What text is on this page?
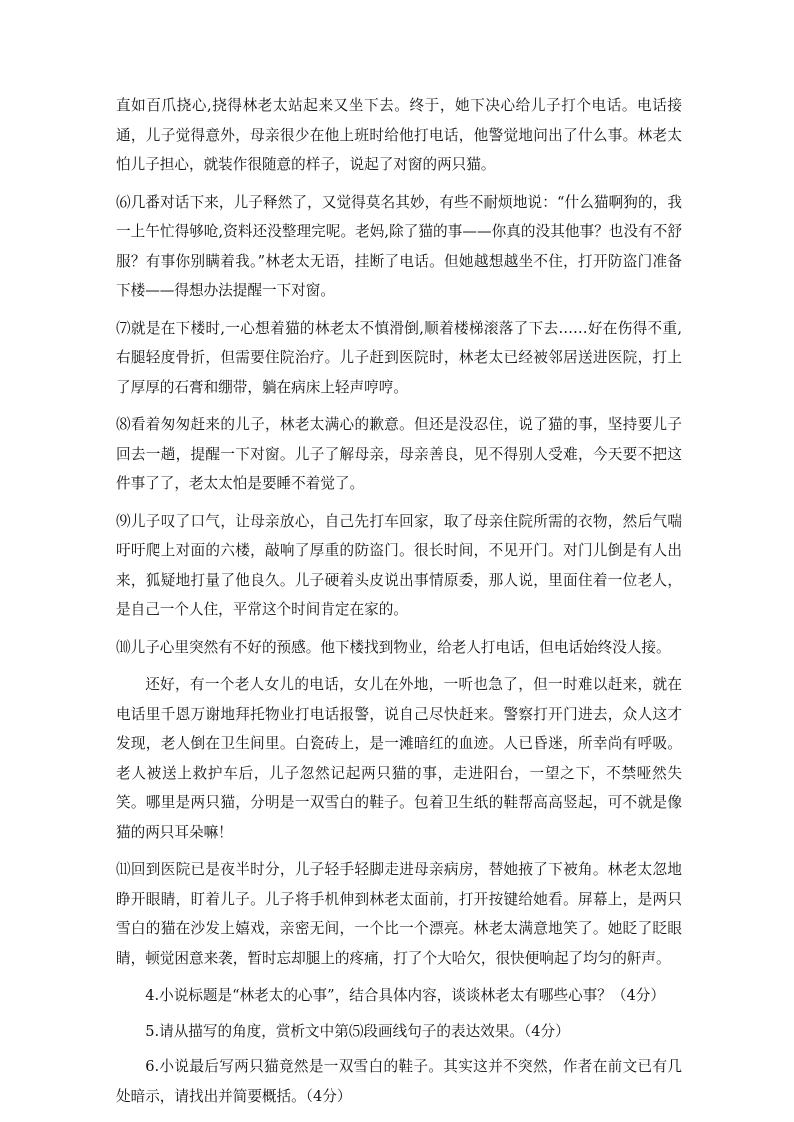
直如百爪挠心,挠得林老太站起来又坐下去。终于，她下决心给儿子打个电话。电话接通，儿子觉得意外，母亲很少在他上班时给他打电话，他警觉地问出了什么事。林老太怕儿子担心，就装作很随意的样子，说起了对窗的两只猫。

⑹几番对话下来，儿子释然了，又觉得莫名其妙，有些不耐烦地说：“什么猫啊狗的，我一上午忙得够呛,资料还没整理完呢。老妈,除了猫的事——你真的没其他事？也没有不舒服？有事你别瞒着我。”林老太无语，挂断了电话。但她越想越坐不住，打开防盗门准备下楼——得想办法提醒一下对窗。

⑺就是在下楼时,一心想着猫的林老太不慎滑倒,顺着楼梯滚落了下去……好在伤得不重,右腿轻度骨折，但需要住院治疗。儿子赶到医院时，林老太已经被邻居送进医院，打上了厚厚的石膏和绷带，躺在病床上轻声哼哼。

⑻看着匆匆赶来的儿子，林老太满心的歉意。但还是没忍住，说了猫的事，坚持要儿子回去一趟，提醒一下对窗。儿子了解母亲，母亲善良，见不得别人受难，今天要不把这件事了了，老太太怕是要睡不着觉了。

⑼儿子叹了口气，让母亲放心，自己先打车回家，取了母亲住院所需的衣物，然后气喘吁吁爬上对面的六楼，敲响了厚重的防盗门。很长时间，不见开门。对门儿倒是有人出来，狐疑地打量了他良久。儿子硬着头皮说出事情原委，那人说，里面住着一位老人，是自己一个人住，平常这个时间肯定在家的。

⑽儿子心里突然有不好的预感。他下楼找到物业，给老人打电话，但电话始终没人接。

还好，有一个老人女儿的电话，女儿在外地，一听也急了，但一时难以赶来，就在电话里千恩万谢地拜托物业打电话报警，说自己尽快赶来。警察打开门进去，众人这才发现，老人倒在卫生间里。白瓷砖上，是一滩暗红的血迹。人已昏迷，所幸尚有呼吸。老人被送上救护车后，儿子忽然记起两只猫的事，走进阳台，一望之下，不禁哑然失笑。哪里是两只猫，分明是一双雪白的鞋子。包着卫生纸的鞋帮高高竖起，可不就是像猫的两只耳朵嘛！

⑾回到医院已是夜半时分，儿子轻手轻脚走进母亲病房，替她掖了下被角。林老太忽地睁开眼睛，盯着儿子。儿子将手机伸到林老太面前，打开按键给她看。屏幕上，是两只雪白的猫在沙发上嬉戏，亲密无间，一个比一个漂亮。林老太满意地笑了。她眨了眨眼睛，顿觉困意来袭，暂时忘却腿上的疼痛，打了个大哈欠，很快便响起了均匀的鼾声。

4.小说标题是“林老太的心事”，结合具体内容，谈谈林老太有哪些心事？（4分）

5.请从描写的角度，赏析文中第⑸段画线句子的表达效果。（4分）

6.小说最后写两只猫竟然是一双雪白的鞋子。其实这并不突然，作者在前文已有几处暗示，请找出并简要概括。（4分）
